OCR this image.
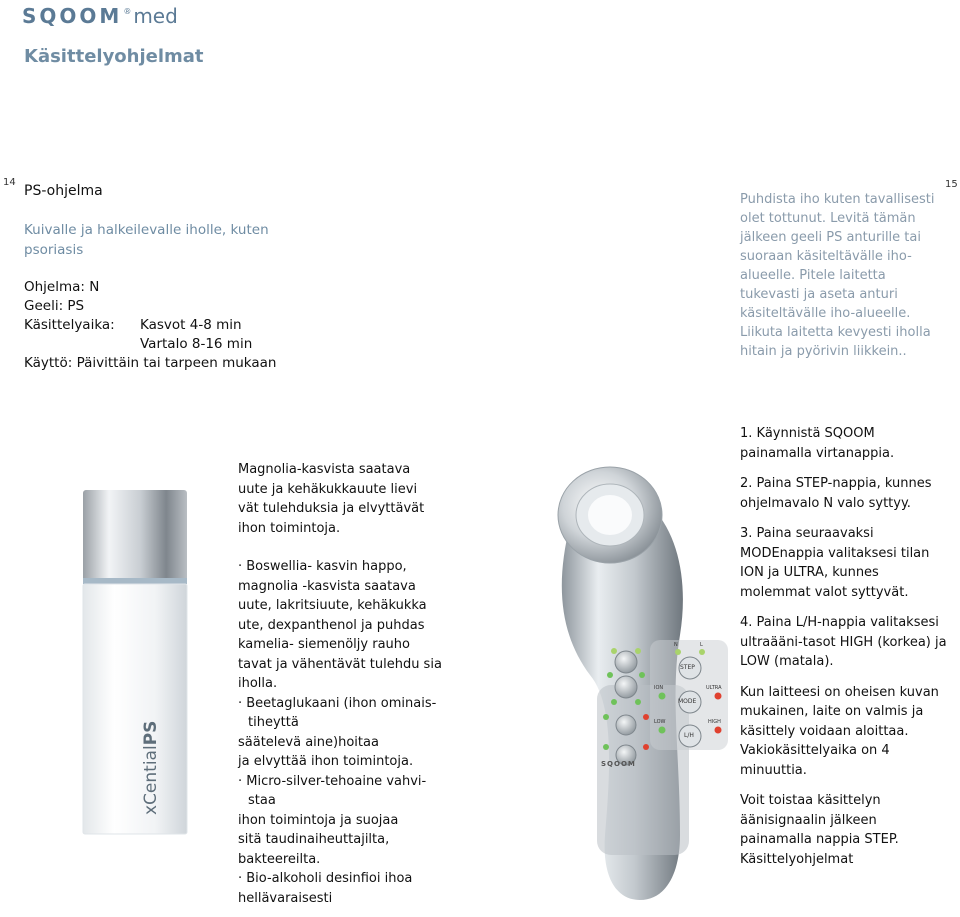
SQOOM ® med
Käsittelyohjelmat
14	15
PS-ohjelma
Kuivalle ja halkeilevalle iholle, kuten psoriasis
Ohjelma: N
Geeli: PS
Käsittelyaika: Kasvot 4-8 min
Vartalo 8-16 min
Käyttö: Päivittäin tai tarpeen mukaan
Puhdista iho kuten tavallisesti olet tottunut. Levitä tämän jälkeen geeli PS anturille tai suoraan käsiteltävälle iho-alueelle. Pitele laitetta tukevasti ja aseta anturi käsiteltävälle iho-alueelle. Liikuta laitetta kevyesti iholla hitain ja pyörivin liikkein..
xCentialPS

Magnolia-kasvista saatava

uute ja kehäkukkauute lievi

vät tulehduksia ja elvyttävät

ihon toimintoja.

· Boswellia- kasvin happo,

magnolia -kasvista saatava

uute, lakritsiuute, kehäkukka

ute, dexpanthenol ja puhdas

kamelia- siemenöljy rauho

tavat ja vähentävät tulehdu sia

iholla.

· Beetaglukaani (ihon ominais-

tiheyttä

säätelevä aine)hoitaa

ja elvyttää ihon toimintoja.

· Micro-silver-tehoaine vahvi-

staa

ihon toimintoja ja suojaa

sitä taudinaiheuttajilta,

bakteereilta.

· Bio-alkoholi desinfioi ihoa

hellävaraisesti

STEP
MODE
L/H
ION	ULTRA
LOW	HIGH
N	L
SQOOM

1. Käynnistä SQOOM painamalla virtanappia.

2. Paina STEP-nappia, kunnes ohjelmavalo N valo syttyy.

3. Paina seuraavaksi MODEnappia valitaksesi tilan ION ja ULTRA, kunnes molemmat valot syttyvät.

4. Paina L/H-nappia valitaksesi ultraääni-tasot HIGH (korkea) ja LOW (matala).

Kun laitteesi on oheisen kuvan mukainen, laite on valmis ja käsittely voidaan aloittaa. Vakiokäsittelyaika on 4 minuuttia.

Voit toistaa käsittelyn äänisignaalin jälkeen painamalla nappia STEP. Käsittelyohjelmat
